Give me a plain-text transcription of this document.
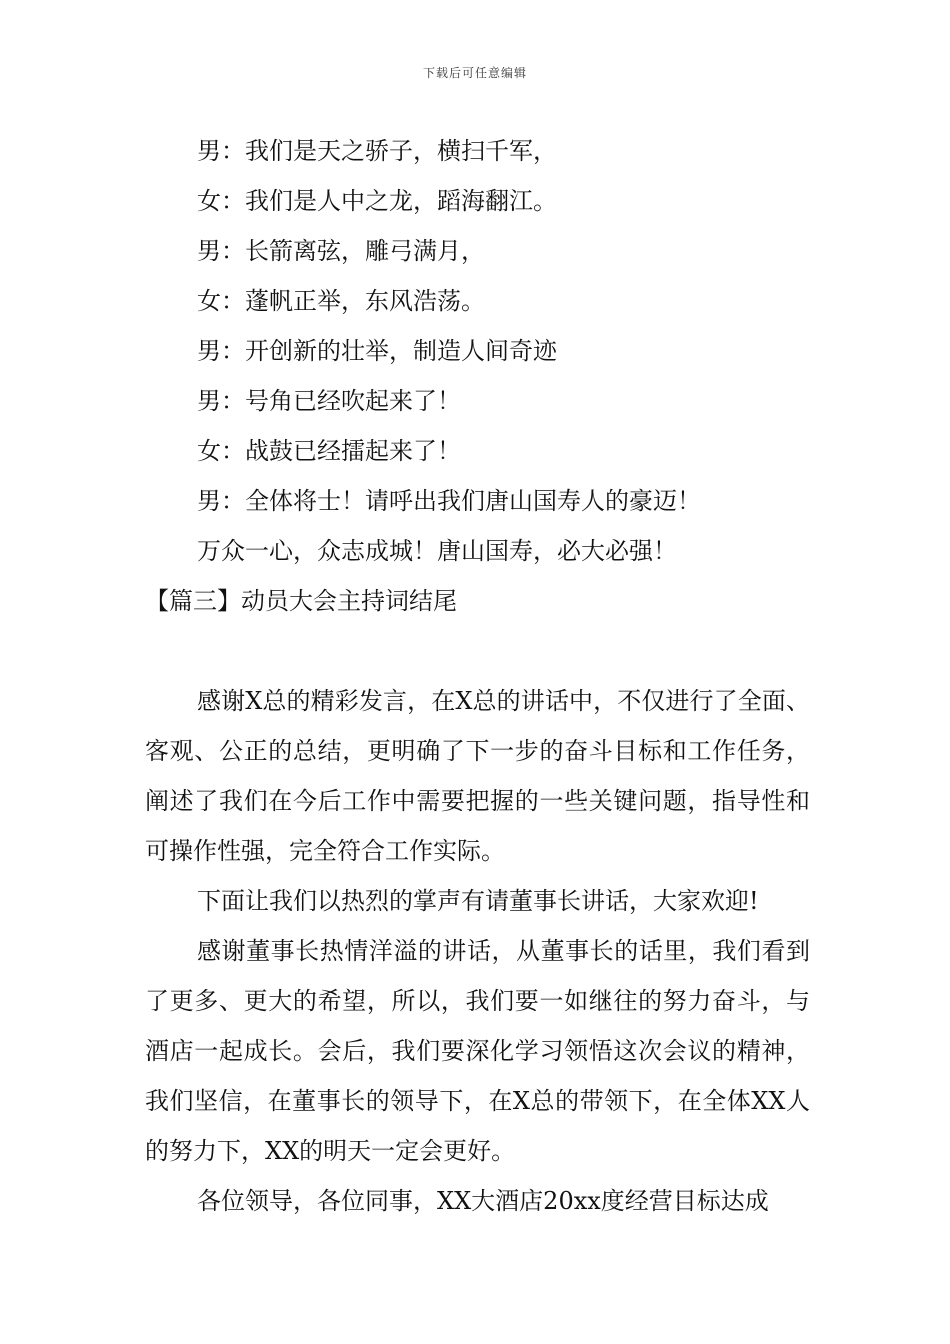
下载后可任意编辑
男：我们是天之骄子，横扫千军，
女：我们是人中之龙，蹈海翻江。
男：长箭离弦，雕弓满月，
女：蓬帆正举，东风浩荡。
男：开创新的壮举，制造人间奇迹
男：号角已经吹起来了！
女：战鼓已经擂起来了！
男：全体将士！请呼出我们唐山国寿人的豪迈！
万众一心，众志成城！唐山国寿，必大必强！
【篇三】动员大会主持词结尾

感谢X总的精彩发言，在X总的讲话中，不仅进行了全面、客观、公正的总结，更明确了下一步的奋斗目标和工作任务，阐述了我们在今后工作中需要把握的一些关键问题，指导性和可操作性强，完全符合工作实际。

下面让我们以热烈的掌声有请董事长讲话，大家欢迎!

感谢董事长热情洋溢的讲话，从董事长的话里，我们看到了更多、更大的希望，所以，我们要一如继往的努力奋斗，与酒店一起成长。会后，我们要深化学习领悟这次会议的精神，我们坚信，在董事长的领导下，在X总的带领下，在全体XX人的努力下，XX的明天一定会更好。

各位领导，各位同事，XX大酒店20xx度经营目标达成
